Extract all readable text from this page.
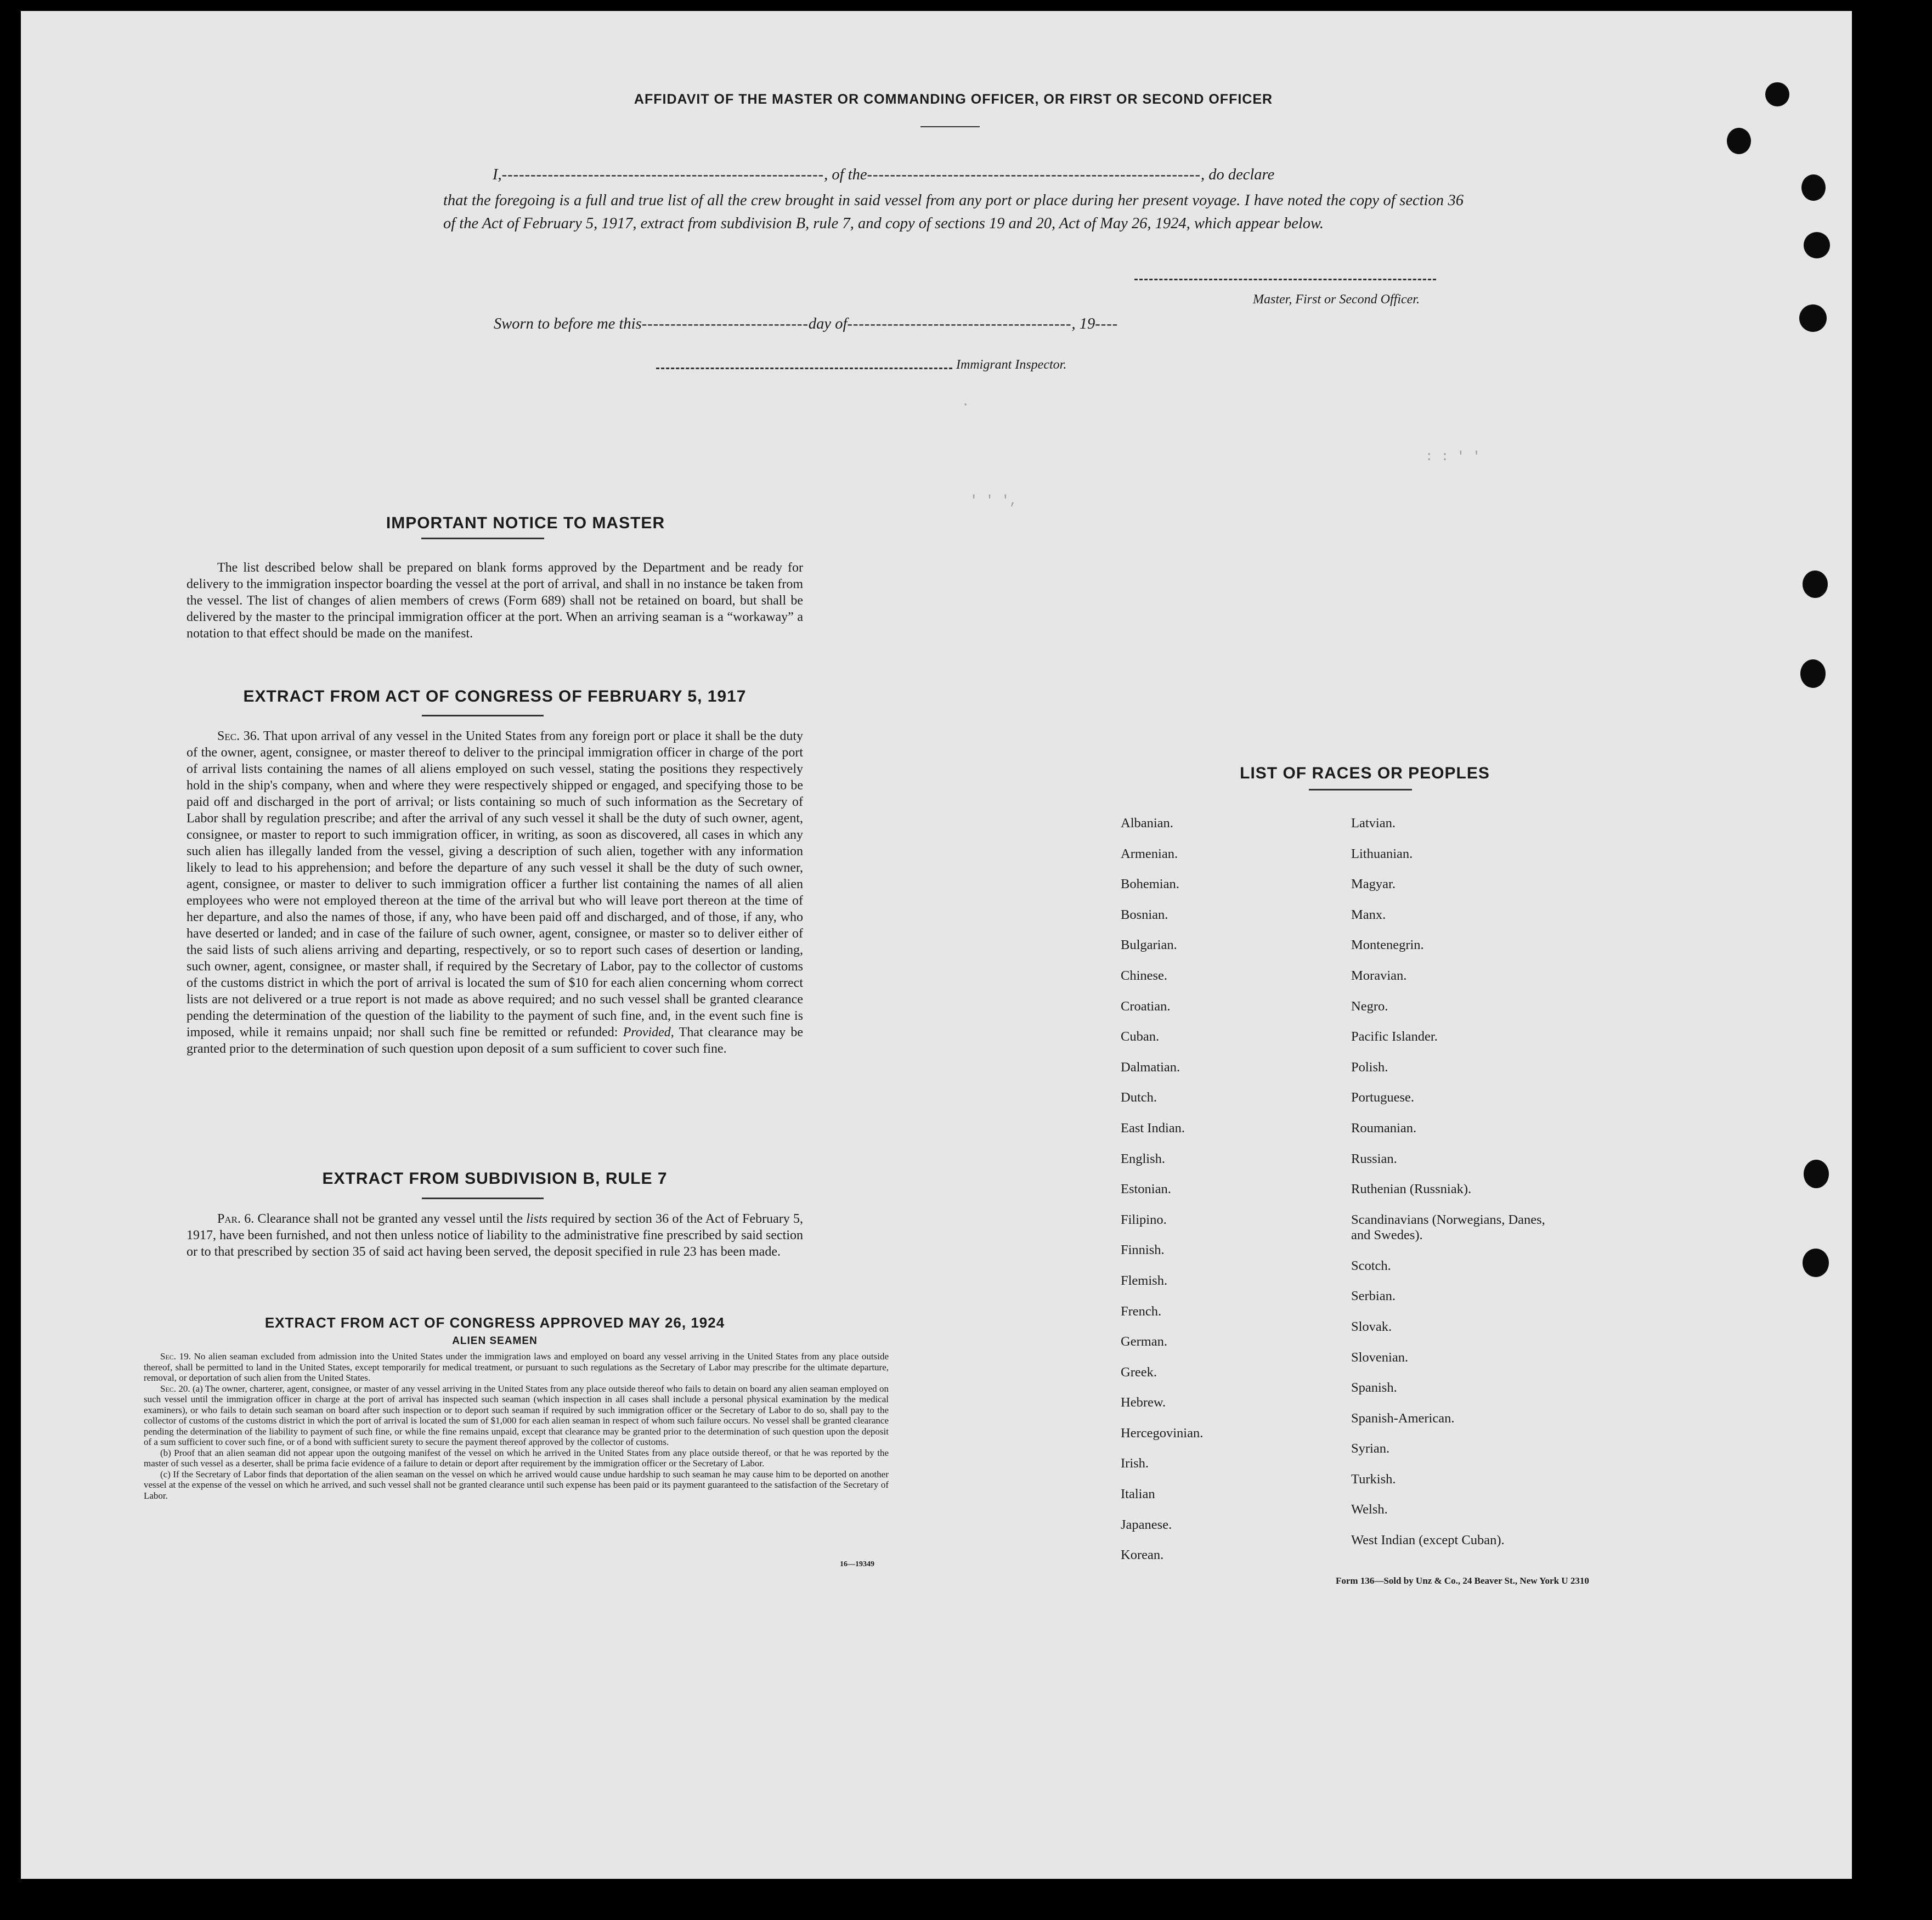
.
: : ' '
' ' ',
AFFIDAVIT OF THE MASTER OR COMMANDING OFFICER, OR FIRST OR SECOND OFFICER
I,--------------------------------------------------------, of the----------------------------------------------------------, do declare
that the foregoing is a full and true list of all the crew brought in said vessel from any port or place during her present voyage. I have noted the copy of section 36 of the Act of February 5, 1917, extract from subdivision B, rule 7, and copy of sections 19 and 20, Act of May 26, 1924, which appear below.
Master, First or Second Officer.
Sworn to before me this-----------------------------day of---------------------------------------, 19----
Immigrant Inspector.
IMPORTANT NOTICE TO MASTER
The list described below shall be prepared on blank forms approved by the Department and be ready for delivery to the immigration inspector boarding the vessel at the port of arrival, and shall in no instance be taken from the vessel. The list of changes of alien members of crews (Form 689) shall not be retained on board, but shall be delivered by the master to the principal immigration officer at the port. When an arriving seaman is a “workaway” a notation to that effect should be made on the manifest.
EXTRACT FROM ACT OF CONGRESS OF FEBRUARY 5, 1917
Sec. 36. That upon arrival of any vessel in the United States from any foreign port or place it shall be the duty of the owner, agent, consignee, or master thereof to deliver to the principal immigration officer in charge of the port of arrival lists containing the names of all aliens employed on such vessel, stating the positions they respectively hold in the ship's company, when and where they were respectively shipped or engaged, and specifying those to be paid off and discharged in the port of arrival; or lists containing so much of such information as the Secretary of Labor shall by regulation prescribe; and after the arrival of any such vessel it shall be the duty of such owner, agent, consignee, or master to report to such immigration officer, in writing, as soon as discovered, all cases in which any such alien has illegally landed from the vessel, giving a description of such alien, together with any information likely to lead to his apprehension; and before the departure of any such vessel it shall be the duty of such owner, agent, consignee, or master to deliver to such immigration officer a further list containing the names of all alien employees who were not employed thereon at the time of the arrival but who will leave port thereon at the time of her departure, and also the names of those, if any, who have been paid off and discharged, and of those, if any, who have deserted or landed; and in case of the failure of such owner, agent, consignee, or master so to deliver either of the said lists of such aliens arriving and departing, respectively, or so to report such cases of desertion or landing, such owner, agent, consignee, or master shall, if required by the Secretary of Labor, pay to the collector of customs of the customs district in which the port of arrival is located the sum of $10 for each alien concerning whom correct lists are not delivered or a true report is not made as above required; and no such vessel shall be granted clearance pending the determination of the question of the liability to the payment of such fine, and, in the event such fine is imposed, while it remains unpaid; nor shall such fine be remitted or refunded: Provided, That clearance may be granted prior to the determination of such question upon deposit of a sum sufficient to cover such fine.
EXTRACT FROM SUBDIVISION B, RULE 7
Par. 6. Clearance shall not be granted any vessel until the lists required by section 36 of the Act of February 5, 1917, have been furnished, and not then unless notice of liability to the administrative fine prescribed by said section or to that prescribed by section 35 of said act having been served, the deposit specified in rule 23 has been made.
EXTRACT FROM ACT OF CONGRESS APPROVED MAY 26, 1924
ALIEN SEAMEN

Sec. 19. No alien seaman excluded from admission into the United States under the immigration laws and employed on board any vessel arriving in the United States from any place outside thereof, shall be permitted to land in the United States, except temporarily for medical treatment, or pursuant to such regulations as the Secretary of Labor may prescribe for the ultimate departure, removal, or deportation of such alien from the United States.

Sec. 20. (a) The owner, charterer, agent, consignee, or master of any vessel arriving in the United States from any place outside thereof who fails to detain on board any alien seaman employed on such vessel until the immigration officer in charge at the port of arrival has inspected such seaman (which inspection in all cases shall include a personal physical examination by the medical examiners), or who fails to detain such seaman on board after such inspection or to deport such seaman if required by such immigration officer or the Secretary of Labor to do so, shall pay to the collector of customs of the customs district in which the port of arrival is located the sum of $1,000 for each alien seaman in respect of whom such failure occurs. No vessel shall be granted clearance pending the determination of the liability to payment of such fine, or while the fine remains unpaid, except that clearance may be granted prior to the determination of such question upon the deposit of a sum sufficient to cover such fine, or of a bond with sufficient surety to secure the payment thereof approved by the collector of customs.

(b) Proof that an alien seaman did not appear upon the outgoing manifest of the vessel on which he arrived in the United States from any place outside thereof, or that he was reported by the master of such vessel as a deserter, shall be prima facie evidence of a failure to detain or deport after requirement by the immigration officer or the Secretary of Labor.

(c) If the Secretary of Labor finds that deportation of the alien seaman on the vessel on which he arrived would cause undue hardship to such seaman he may cause him to be deported on another vessel at the expense of the vessel on which he arrived, and such vessel shall not be granted clearance until such expense has been paid or its payment guaranteed to the satisfaction of the Secretary of Labor.

16—19349
LIST OF RACES OR PEOPLES
Albanian.
Armenian.
Bohemian.
Bosnian.
Bulgarian.
Chinese.
Croatian.
Cuban.
Dalmatian.
Dutch.
East Indian.
English.
Estonian.
Filipino.
Finnish.
Flemish.
French.
German.
Greek.
Hebrew.
Hercegovinian.
Irish.
Italian
Japanese.
Korean.
Latvian.
Lithuanian.
Magyar.
Manx.
Montenegrin.
Moravian.
Negro.
Pacific Islander.
Polish.
Portuguese.
Roumanian.
Russian.
Ruthenian (Russniak).
Scandinavians (Norwegians, Danes, and Swedes).
Scotch.
Serbian.
Slovak.
Slovenian.
Spanish.
Spanish-American.
Syrian.
Turkish.
Welsh.
West Indian (except Cuban).
Form 136—Sold by Unz & Co., 24 Beaver St., New York U 2310
